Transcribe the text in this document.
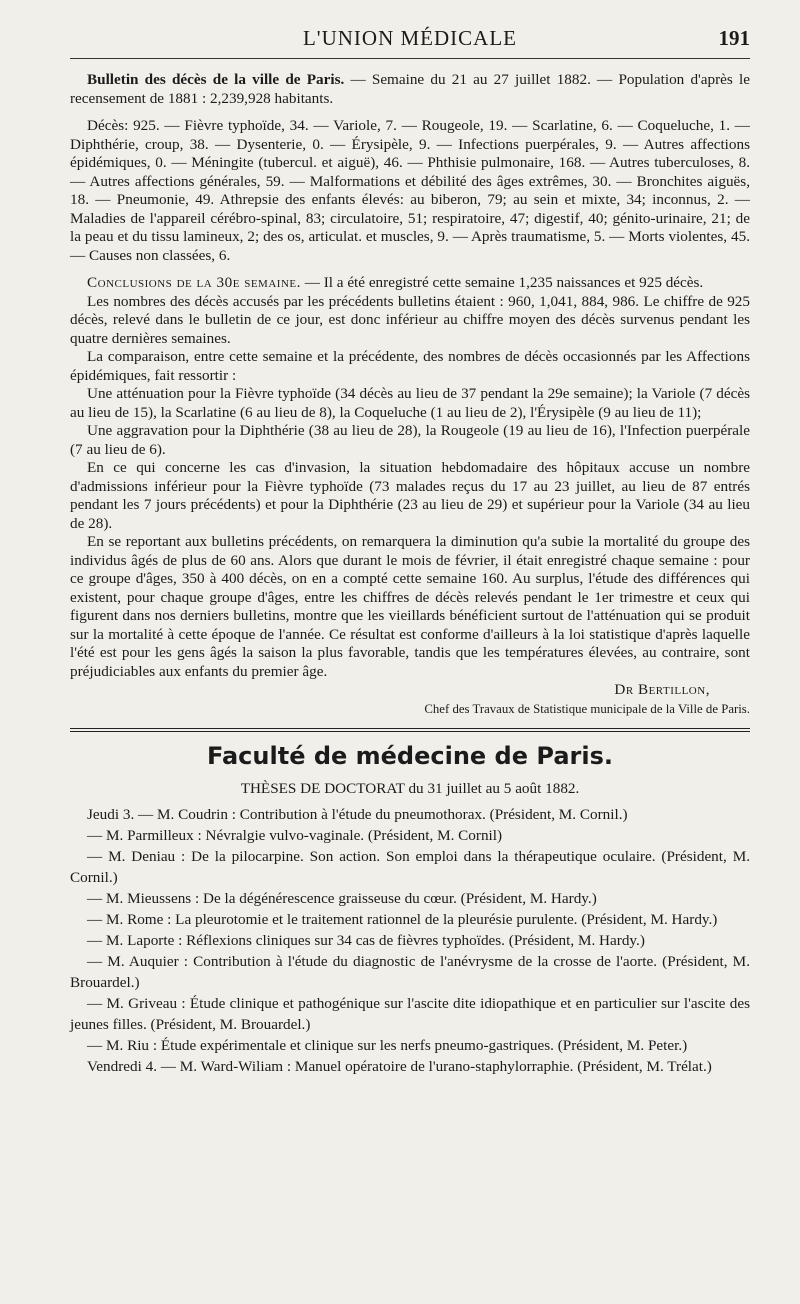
L'UNION MÉDICALE	191

Bulletin des décès de la ville de Paris. — Semaine du 21 au 27 juillet 1882. — Population d'après le recensement de 1881 : 2,239,928 habitants.

Décès: 925. — Fièvre typhoïde, 34. — Variole, 7. — Rougeole, 19. — Scarlatine, 6. — Coqueluche, 1. — Diphthérie, croup, 38. — Dysenterie, 0. — Érysipèle, 9. — Infections puerpérales, 9. — Autres affections épidémiques, 0. — Méningite (tubercul. et aiguë), 46. — Phthisie pulmonaire, 168. — Autres tuberculoses, 8. — Autres affections générales, 59. — Malformations et débilité des âges extrêmes, 30. — Bronchites aiguës, 18. — Pneumonie, 49. Athrepsie des enfants élevés: au biberon, 79; au sein et mixte, 34; inconnus, 2. — Maladies de l'appareil cérébro-spinal, 83; circulatoire, 51; respiratoire, 47; digestif, 40; génito-urinaire, 21; de la peau et du tissu lamineux, 2; des os, articulat. et muscles, 9. — Après traumatisme, 5. — Morts violentes, 45. — Causes non classées, 6.

Conclusions de la 30e semaine. — Il a été enregistré cette semaine 1,235 naissances et 925 décès.

Les nombres des décès accusés par les précédents bulletins étaient : 960, 1,041, 884, 986. Le chiffre de 925 décès, relevé dans le bulletin de ce jour, est donc inférieur au chiffre moyen des décès survenus pendant les quatre dernières semaines.

La comparaison, entre cette semaine et la précédente, des nombres de décès occasionnés par les Affections épidémiques, fait ressortir :

Une atténuation pour la Fièvre typhoïde (34 décès au lieu de 37 pendant la 29e semaine); la Variole (7 décès au lieu de 15), la Scarlatine (6 au lieu de 8), la Coqueluche (1 au lieu de 2), l'Érysipèle (9 au lieu de 11);

Une aggravation pour la Diphthérie (38 au lieu de 28), la Rougeole (19 au lieu de 16), l'Infection puerpérale (7 au lieu de 6).

En ce qui concerne les cas d'invasion, la situation hebdomadaire des hôpitaux accuse un nombre d'admissions inférieur pour la Fièvre typhoïde (73 malades reçus du 17 au 23 juillet, au lieu de 87 entrés pendant les 7 jours précédents) et pour la Diphthérie (23 au lieu de 29) et supérieur pour la Variole (34 au lieu de 28).

En se reportant aux bulletins précédents, on remarquera la diminution qu'a subie la mortalité du groupe des individus âgés de plus de 60 ans. Alors que durant le mois de février, il était enregistré chaque semaine : pour ce groupe d'âges, 350 à 400 décès, on en a compté cette semaine 160. Au surplus, l'étude des différences qui existent, pour chaque groupe d'âges, entre les chiffres de décès relevés pendant le 1er trimestre et ceux qui figurent dans nos derniers bulletins, montre que les vieillards bénéficient surtout de l'atténuation qui se produit sur la mortalité à cette époque de l'année. Ce résultat est conforme d'ailleurs à la loi statistique d'après laquelle l'été est pour les gens âgés la saison la plus favorable, tandis que les températures élevées, au contraire, sont préjudiciables aux enfants du premier âge.

Dr Bertillon,
Chef des Travaux de Statistique municipale de la Ville de Paris.
Faculté de médecine de Paris.
THÈSES DE DOCTORAT du 31 juillet au 5 août 1882.

Jeudi 3. — M. Coudrin : Contribution à l'étude du pneumothorax. (Président, M. Cornil.)

— M. Parmilleux : Névralgie vulvo-vaginale. (Président, M. Cornil)

— M. Deniau : De la pilocarpine. Son action. Son emploi dans la thérapeutique oculaire. (Président, M. Cornil.)

— M. Mieussens : De la dégénérescence graisseuse du cœur. (Président, M. Hardy.)

— M. Rome : La pleurotomie et le traitement rationnel de la pleurésie purulente. (Président, M. Hardy.)

— M. Laporte : Réflexions cliniques sur 34 cas de fièvres typhoïdes. (Président, M. Hardy.)

— M. Auquier : Contribution à l'étude du diagnostic de l'anévrysme de la crosse de l'aorte. (Président, M. Brouardel.)

— M. Griveau : Étude clinique et pathogénique sur l'ascite dite idiopathique et en particulier sur l'ascite des jeunes filles. (Président, M. Brouardel.)

— M. Riu : Étude expérimentale et clinique sur les nerfs pneumo-gastriques. (Président, M. Peter.)

Vendredi 4. — M. Ward-Wiliam : Manuel opératoire de l'urano-staphylorraphie. (Président, M. Trélat.)
